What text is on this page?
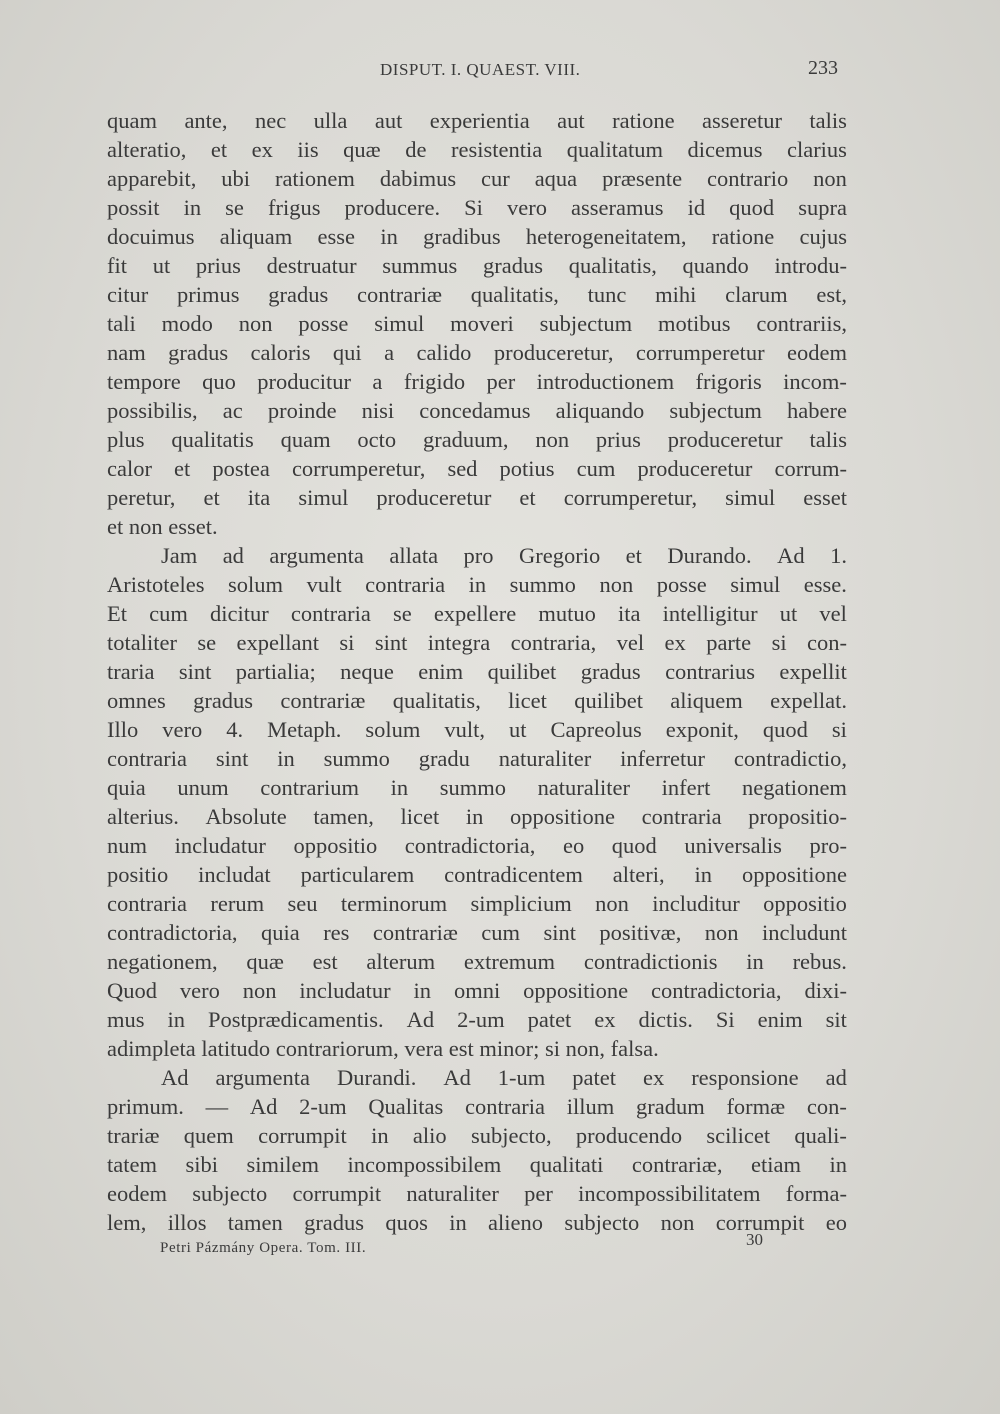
DISPUT. I. QUAEST. VIII.	233
quam ante, nec ulla aut experientia aut ratione asseretur talis
alteratio, et ex iis quæ de resistentia qualitatum dicemus clarius
apparebit, ubi rationem dabimus cur aqua præsente contrario non
possit in se frigus producere. Si vero asseramus id quod supra
docuimus aliquam esse in gradibus heterogeneitatem, ratione cujus
fit ut prius destruatur summus gradus qualitatis, quando introdu-
citur primus gradus contrariæ qualitatis, tunc mihi clarum est,
tali modo non posse simul moveri subjectum motibus contrariis,
nam gradus caloris qui a calido produceretur, corrumperetur eodem
tempore quo producitur a frigido per introductionem frigoris incom-
possibilis, ac proinde nisi concedamus aliquando subjectum habere
plus qualitatis quam octo graduum, non prius produceretur talis
calor et postea corrumperetur, sed potius cum produceretur corrum-
peretur, et ita simul produceretur et corrumperetur, simul esset
et non esset.
Jam ad argumenta allata pro Gregorio et Durando. Ad 1.
Aristoteles solum vult contraria in summo non posse simul esse.
Et cum dicitur contraria se expellere mutuo ita intelligitur ut vel
totaliter se expellant si sint integra contraria, vel ex parte si con-
traria sint partialia; neque enim quilibet gradus contrarius expellit
omnes gradus contrariæ qualitatis, licet quilibet aliquem expellat.
Illo vero 4. Metaph. solum vult, ut Capreolus exponit, quod si
contraria sint in summo gradu naturaliter inferretur contradictio,
quia unum contrarium in summo naturaliter infert negationem
alterius. Absolute tamen, licet in oppositione contraria propositio-
num includatur oppositio contradictoria, eo quod universalis pro-
positio includat particularem contradicentem alteri, in oppositione
contraria rerum seu terminorum simplicium non includitur oppositio
contradictoria, quia res contrariæ cum sint positivæ, non includunt
negationem, quæ est alterum extremum contradictionis in rebus.
Quod vero non includatur in omni oppositione contradictoria, dixi-
mus in Postprædicamentis. Ad 2-um patet ex dictis. Si enim sit
adimpleta latitudo contrariorum, vera est minor; si non, falsa.
Ad argumenta Durandi. Ad 1-um patet ex responsione ad
primum. — Ad 2-um Qualitas contraria illum gradum formæ con-
trariæ quem corrumpit in alio subjecto, producendo scilicet quali-
tatem sibi similem incompossibilem qualitati contrariæ, etiam in
eodem subjecto corrumpit naturaliter per incompossibilitatem forma-
lem, illos tamen gradus quos in alieno subjecto non corrumpit eo
30
Petri Pázmány Opera. Tom. III.
